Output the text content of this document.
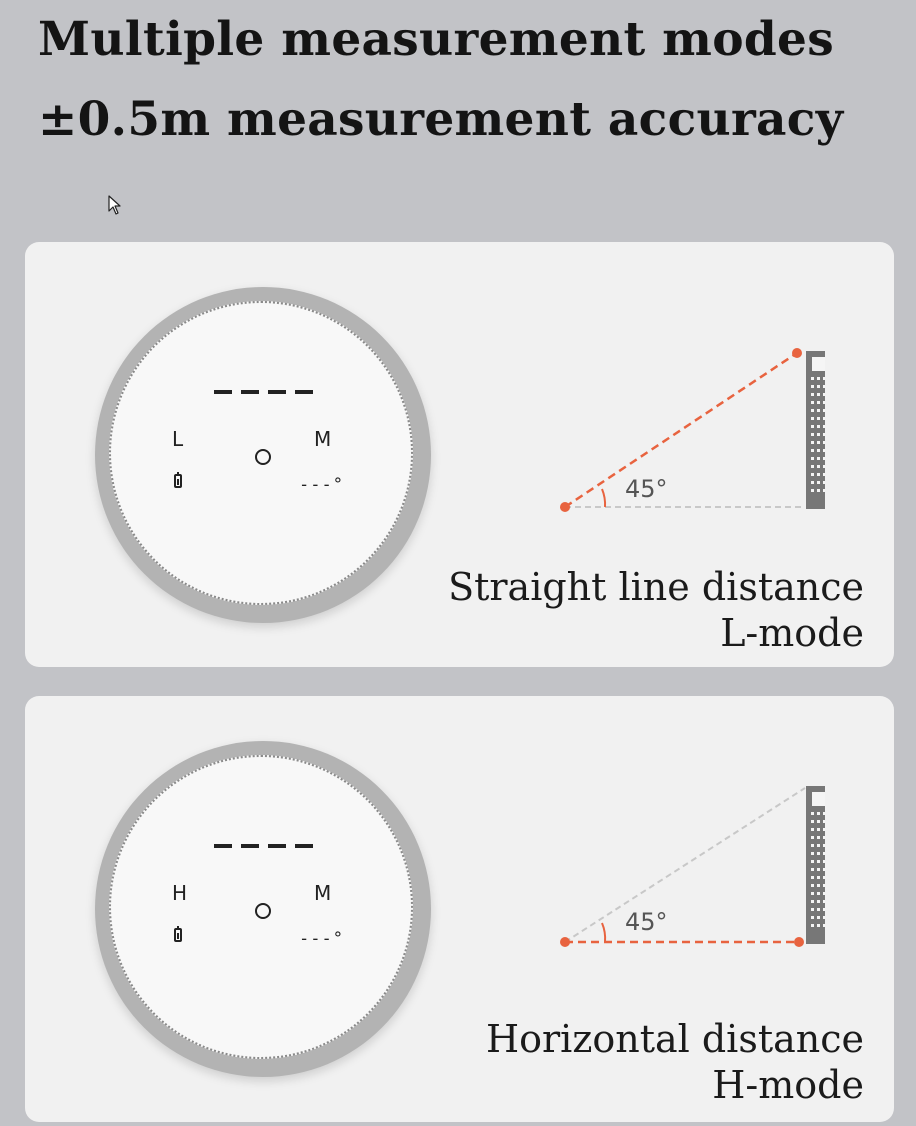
Multiple measurement modes
±0.5m measurement accuracy
L	M
---°	45°
Straight line distance
L-mode
H	M
---°
45°
Horizontal distance
H-mode
